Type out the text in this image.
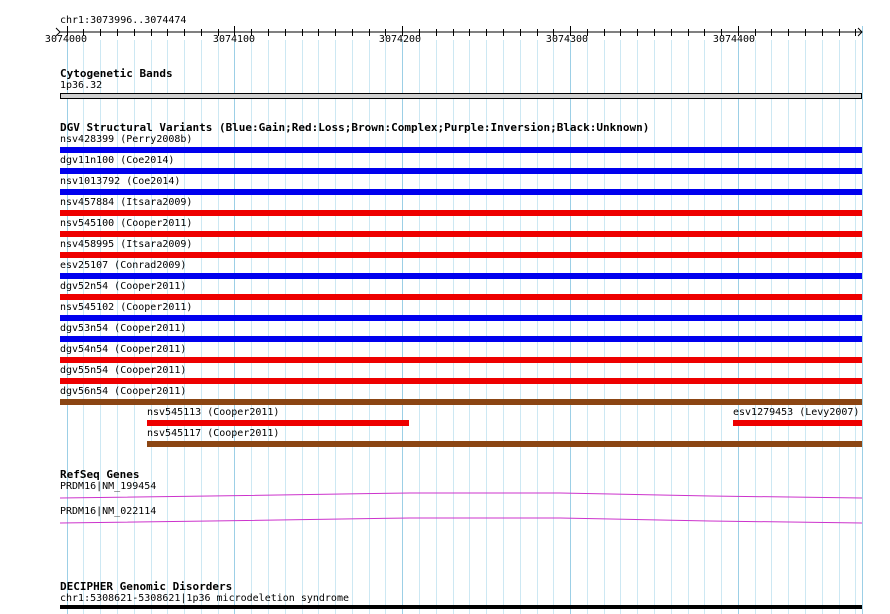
chr1:3073996..3074474
3074000	3074100	3074200	3074300	3074400
Cytogenetic Bands
1p36.32
DGV Structural Variants (Blue:Gain;Red:Loss;Brown:Complex;Purple:Inversion;Black:Unknown)
nsv428399 (Perry2008b)
dgv11n100 (Coe2014)
nsv1013792 (Coe2014)
nsv457884 (Itsara2009)
nsv545100 (Cooper2011)
nsv458995 (Itsara2009)
esv25107 (Conrad2009)
dgv52n54 (Cooper2011)
nsv545102 (Cooper2011)
dgv53n54 (Cooper2011)
dgv54n54 (Cooper2011)
dgv55n54 (Cooper2011)
dgv56n54 (Cooper2011)
nsv545113 (Cooper2011)	esv1279453 (Levy2007)
nsv545117 (Cooper2011)
RefSeq Genes
PRDM16|NM_199454
PRDM16|NM_022114
DECIPHER Genomic Disorders
chr1:5308621-5308621|1p36 microdeletion syndrome
